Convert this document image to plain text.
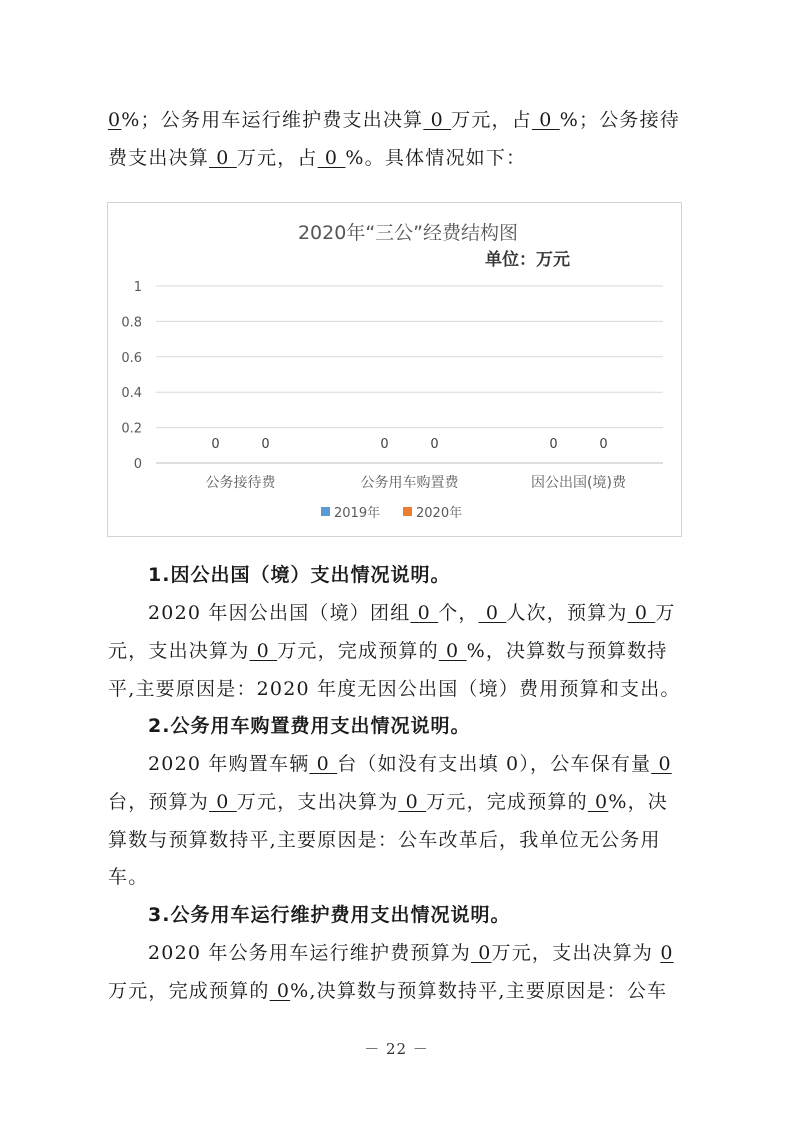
0%；公务用车运行维护费支出决算 0 万元，占 0 %；公务接待
费支出决算 0 万元，占 0 %。具体情况如下：
2020年“三公”经费结构图
单位：万元
0
0.2
0.4
0.6
0.8
1
0	0	0	0	0	0
公务接待费	公务用车购置费	因公出国(境)费
2019年	2020年
1.因公出国（境）支出情况说明。
2020 年因公出国（境）团组 0 个， 0 人次，预算为 0 万
元，支出决算为 0 万元，完成预算的 0 %，决算数与预算数持
平,主要原因是：2020 年度无因公出国（境）费用预算和支出。
2.公务用车购置费用支出情况说明。
2020 年购置车辆 0 台（如没有支出填 0），公车保有量 0
台，预算为 0 万元，支出决算为 0 万元，完成预算的 0%，决
算数与预算数持平,主要原因是：公车改革后，我单位无公务用
车。
3.公务用车运行维护费用支出情况说明。
2020 年公务用车运行维护费预算为 0万元，支出决算为 0
万元，完成预算的 0%,决算数与预算数持平,主要原因是：公车
－ 22 －
